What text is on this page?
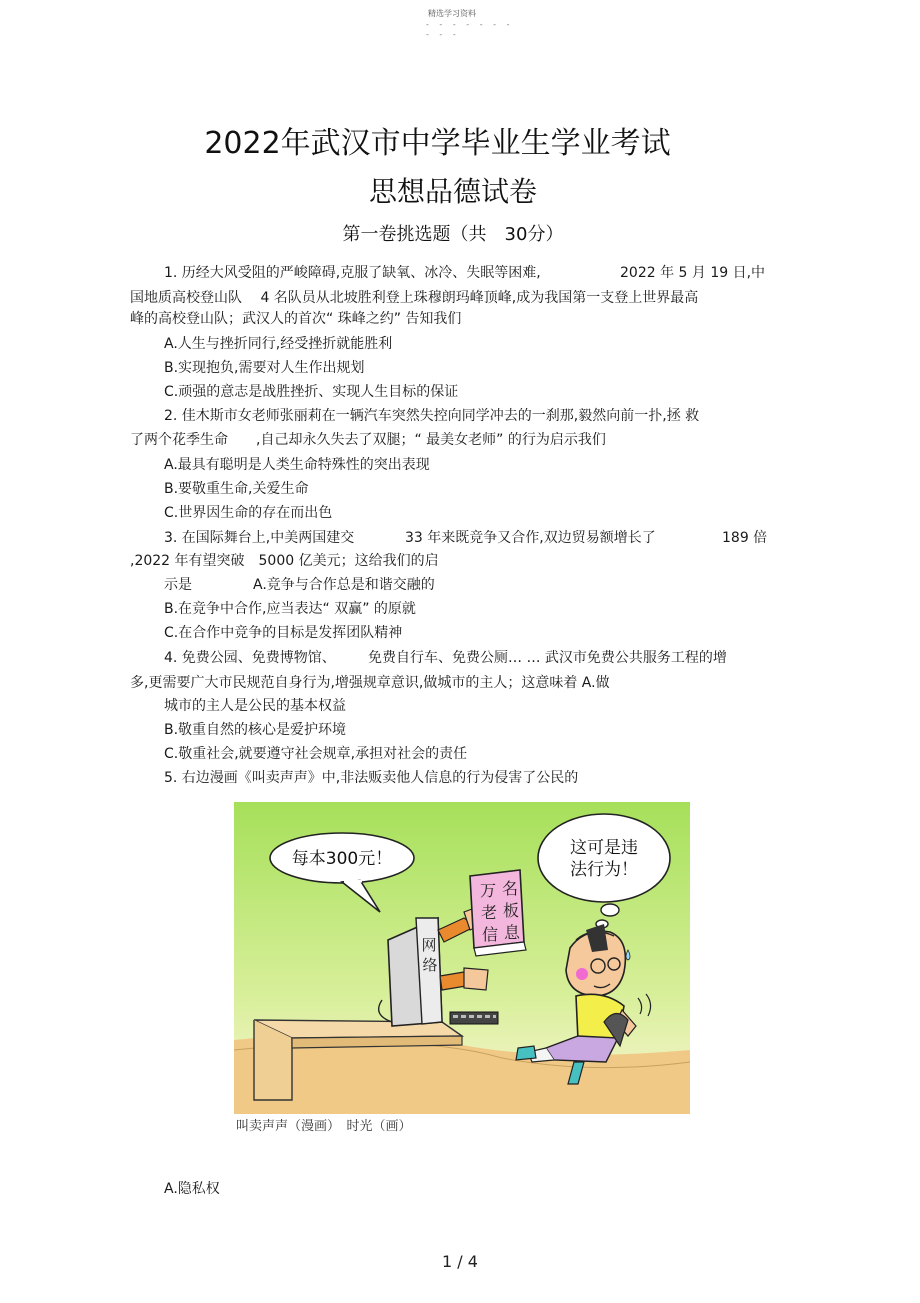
精选学习资料
- - - - - - -
- - -
2022年武汉市中学毕业生学业考试
思想品德试卷
第一卷挑选题（共　30分）
1. 历经大风受阻的严峻障碍,克服了缺氧、冰冷、失眠等困难,	2022 年 5 月 19 日,中
国地质高校登山队　 4 名队员从北坡胜利登上珠穆朗玛峰顶峰,成为我国第一支登上世界最高
峰的高校登山队；武汉人的首次“ 珠峰之约” 告知我们
A.人生与挫折同行,经受挫折就能胜利
B.实现抱负,需要对人生作出规划
C.顽强的意志是战胜挫折、实现人生目标的保证
2. 佳木斯市女老师张丽莉在一辆汽车突然失控向同学冲去的一刹那,毅然向前一扑,拯 救
了两个花季生命　　,自己却永久失去了双腿；“ 最美女老师” 的行为启示我们
A.最具有聪明是人类生命特殊性的突出表现
B.要敬重生命,关爱生命
C.世界因生命的存在而出色
3. 在国际舞台上,中美两国建交	33 年来既竞争又合作,双边贸易额增长了	189 倍
,2022 年有望突破　5000 亿美元；这给我们的启
示是	A.竞争与合作总是和谐交融的
B.在竞争中合作,应当表达“ 双赢” 的原就
C.在合作中竞争的目标是发挥团队精神
4. 免费公园、免费博物馆、 免费自行车、免费公厕… … 武汉市免费公共服务工程的增
多,更需要广大市民规范自身行为,增强规章意识,做城市的主人；这意味着 A.做
城市的主人是公民的基本权益
B.敬重自然的核心是爱护环境
C.敬重社会,就要遵守社会规章,承担对社会的责任
5. 右边漫画《叫卖声声》中,非法贩卖他人信息的行为侵害了公民的
A.隐私权
每本300元！
这可是违
法行为！
网
络
万 名
老 板
信 息
叫卖声声（漫画）　时光（画）
1 / 4
